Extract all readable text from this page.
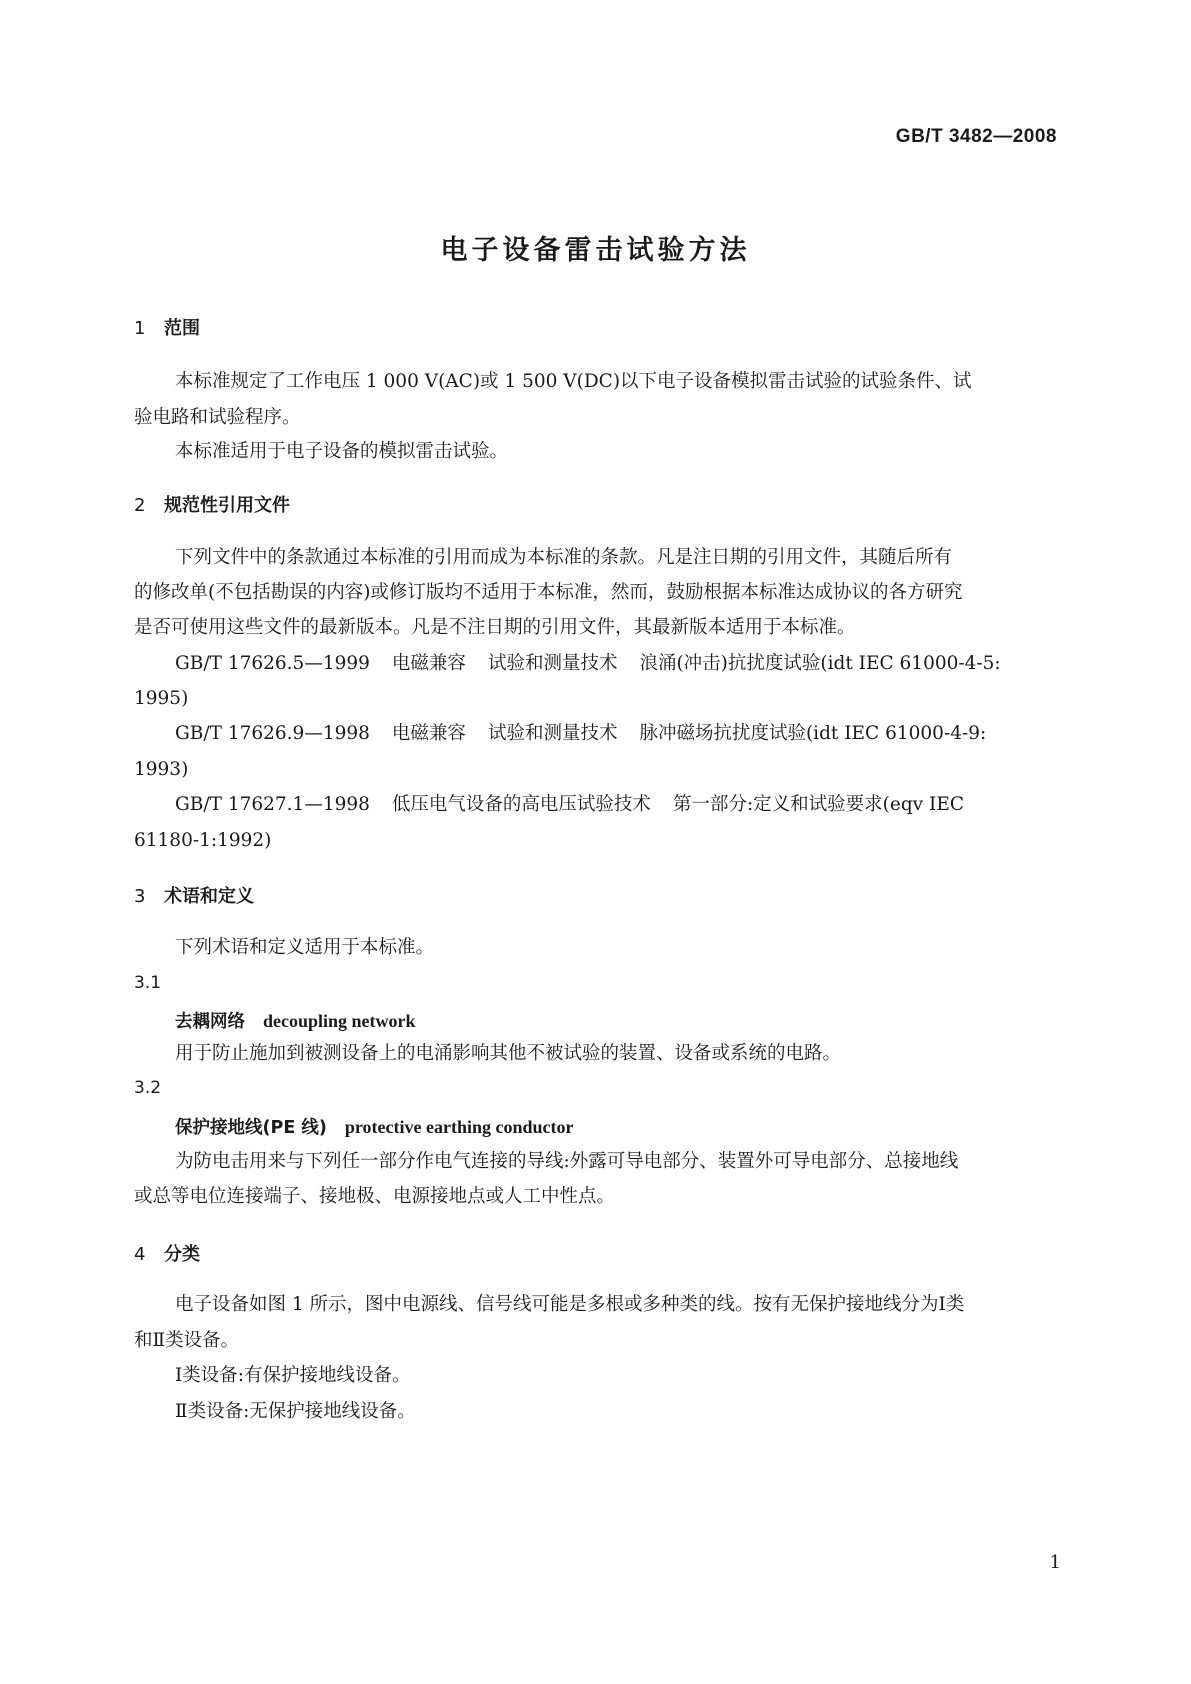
GB/T 3482—2008
电子设备雷击试验方法
1 范围
本标准规定了工作电压 1 000 V(AC)或 1 500 V(DC)以下电子设备模拟雷击试验的试验条件、试
验电路和试验程序。
本标准适用于电子设备的模拟雷击试验。
2 规范性引用文件
下列文件中的条款通过本标准的引用而成为本标准的条款。凡是注日期的引用文件，其随后所有
的修改单(不包括勘误的内容)或修订版均不适用于本标准，然而，鼓励根据本标准达成协议的各方研究
是否可使用这些文件的最新版本。凡是不注日期的引用文件，其最新版本适用于本标准。
GB/T 17626.5—1999 电磁兼容 试验和测量技术 浪涌(冲击)抗扰度试验(idt IEC 61000-4-5:
1995)
GB/T 17626.9—1998 电磁兼容 试验和测量技术 脉冲磁场抗扰度试验(idt IEC 61000-4-9:
1993)
GB/T 17627.1—1998 低压电气设备的高电压试验技术 第一部分:定义和试验要求(eqv IEC
61180-1:1992)
3 术语和定义
下列术语和定义适用于本标准。
3.1
去耦网络 decoupling network
用于防止施加到被测设备上的电涌影响其他不被试验的装置、设备或系统的电路。
3.2
保护接地线(PE 线) protective earthing conductor
为防电击用来与下列任一部分作电气连接的导线:外露可导电部分、装置外可导电部分、总接地线
或总等电位连接端子、接地极、电源接地点或人工中性点。
4 分类
电子设备如图 1 所示，图中电源线、信号线可能是多根或多种类的线。按有无保护接地线分为Ⅰ类
和Ⅱ类设备。
Ⅰ类设备:有保护接地线设备。
Ⅱ类设备:无保护接地线设备。
1
